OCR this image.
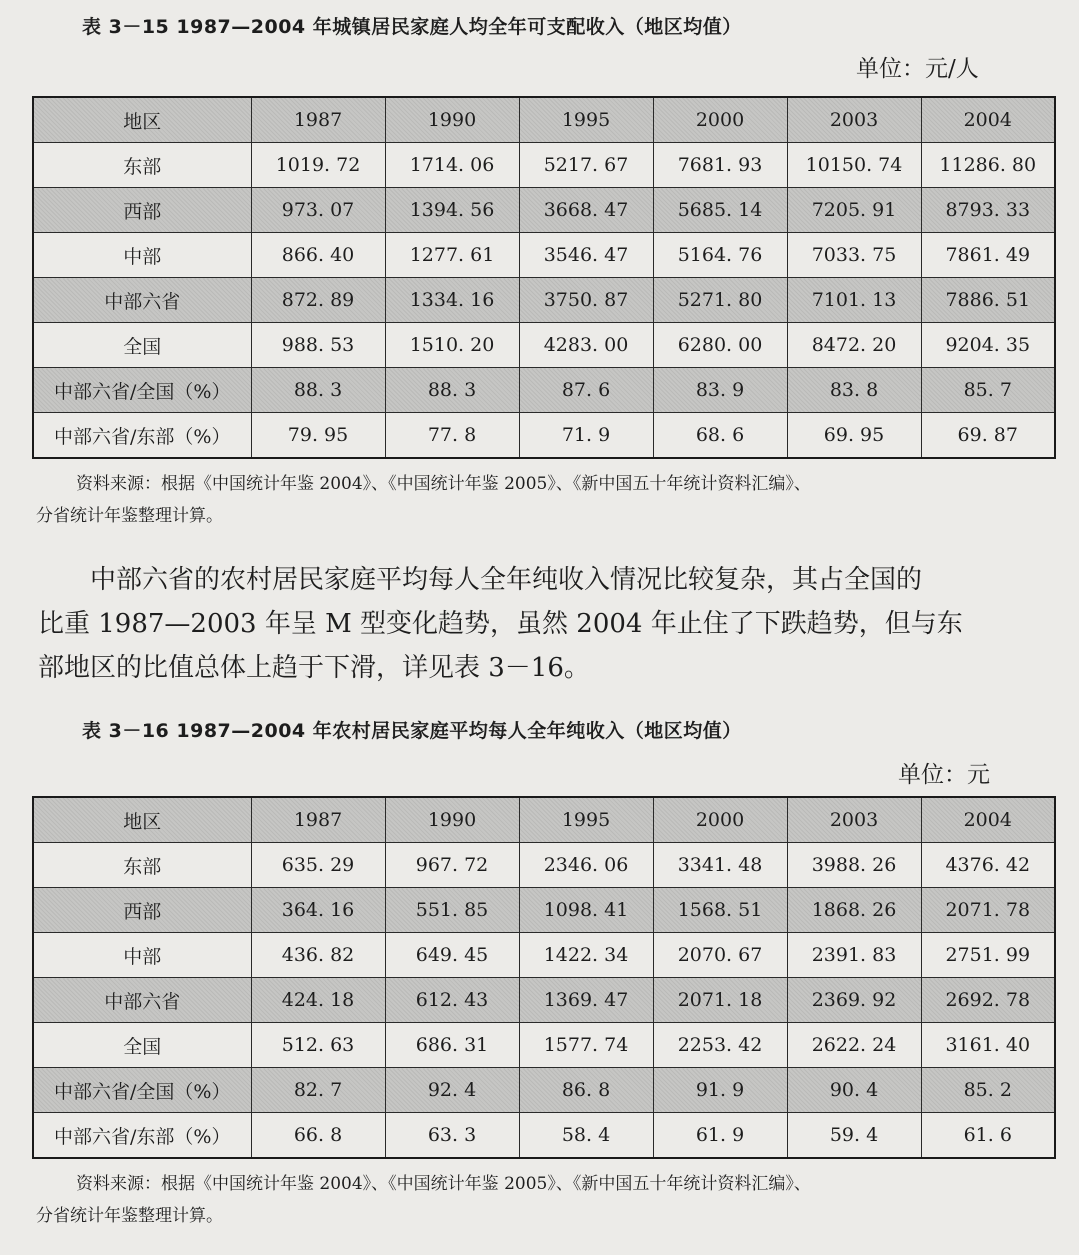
表 3－15 1987—2004 年城镇居民家庭人均全年可支配收入（地区均值）
单位：元/人
地区	1987	1990	1995	2000	2003	2004
东部	1019. 72	1714. 06	5217. 67	7681. 93	10150. 74	11286. 80
西部	973. 07	1394. 56	3668. 47	5685. 14	7205. 91	8793. 33
中部	866. 40	1277. 61	3546. 47	5164. 76	7033. 75	7861. 49
中部六省	872. 89	1334. 16	3750. 87	5271. 80	7101. 13	7886. 51
全国	988. 53	1510. 20	4283. 00	6280. 00	8472. 20	9204. 35
中部六省/全国（%）	88. 3	88. 3	87. 6	83. 9	83. 8	85. 7
中部六省/东部（%）	79. 95	77. 8	71. 9	68. 6	69. 95	69. 87
资料来源：根据《中国统计年鉴 2004》、《中国统计年鉴 2005》、《新中国五十年统计资料汇编》、
分省统计年鉴整理计算。
中部六省的农村居民家庭平均每人全年纯收入情况比较复杂，其占全国的
比重 1987—2003 年呈 M 型变化趋势，虽然 2004 年止住了下跌趋势，但与东
部地区的比值总体上趋于下滑，详见表 3－16。
表 3－16 1987—2004 年农村居民家庭平均每人全年纯收入（地区均值）
单位：元
地区	1987	1990	1995	2000	2003	2004
东部	635. 29	967. 72	2346. 06	3341. 48	3988. 26	4376. 42
西部	364. 16	551. 85	1098. 41	1568. 51	1868. 26	2071. 78
中部	436. 82	649. 45	1422. 34	2070. 67	2391. 83	2751. 99
中部六省	424. 18	612. 43	1369. 47	2071. 18	2369. 92	2692. 78
全国	512. 63	686. 31	1577. 74	2253. 42	2622. 24	3161. 40
中部六省/全国（%）	82. 7	92. 4	86. 8	91. 9	90. 4	85. 2
中部六省/东部（%）	66. 8	63. 3	58. 4	61. 9	59. 4	61. 6
资料来源：根据《中国统计年鉴 2004》、《中国统计年鉴 2005》、《新中国五十年统计资料汇编》、
分省统计年鉴整理计算。
